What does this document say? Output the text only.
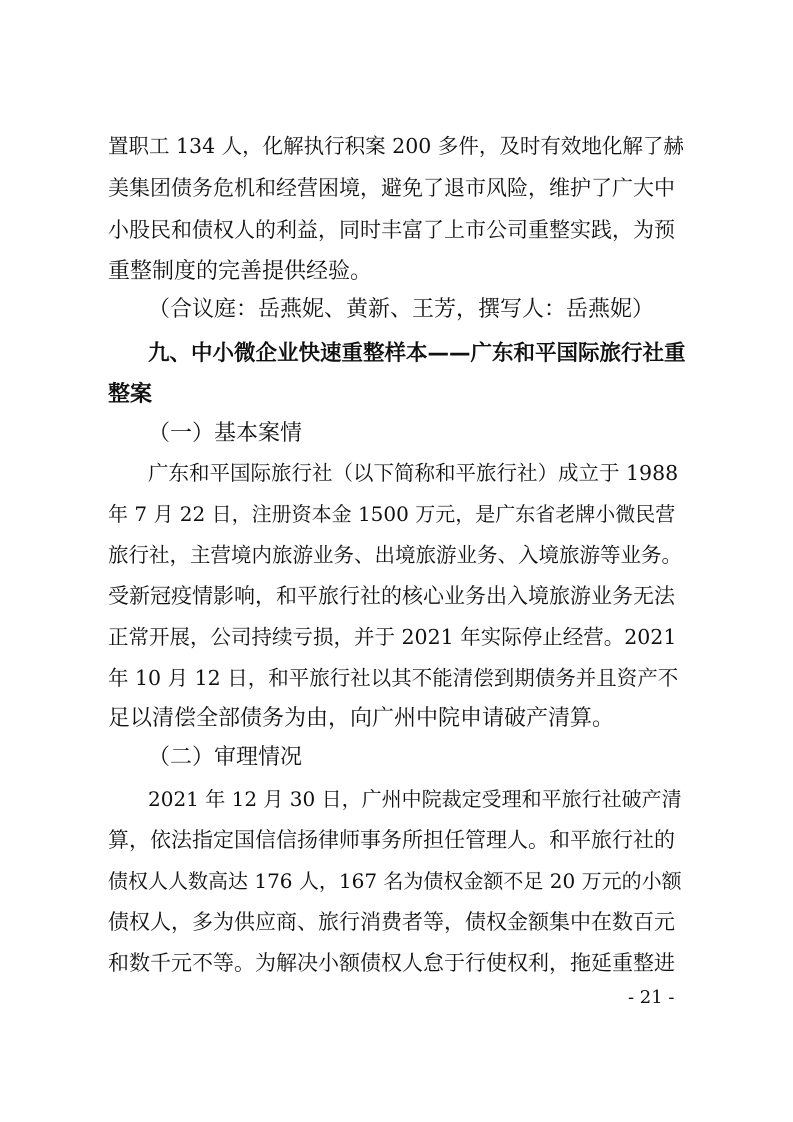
置职工 134 人，化解执行积案 200 多件，及时有效地化解了赫
美集团债务危机和经营困境，避免了退市风险，维护了广大中
小股民和债权人的利益，同时丰富了上市公司重整实践，为预
重整制度的完善提供经验。
（合议庭：岳燕妮、黄新、王芳，撰写人：岳燕妮）
九、中小微企业快速重整样本——广东和平国际旅行社重
整案
（一）基本案情
广东和平国际旅行社（以下简称和平旅行社）成立于 1988
年 7 月 22 日，注册资本金 1500 万元，是广东省老牌小微民营
旅行社，主营境内旅游业务、出境旅游业务、入境旅游等业务。
受新冠疫情影响，和平旅行社的核心业务出入境旅游业务无法
正常开展，公司持续亏损，并于 2021 年实际停止经营。2021
年 10 月 12 日，和平旅行社以其不能清偿到期债务并且资产不
足以清偿全部债务为由，向广州中院申请破产清算。
（二）审理情况
2021 年 12 月 30 日，广州中院裁定受理和平旅行社破产清
算，依法指定国信信扬律师事务所担任管理人。和平旅行社的
债权人人数高达 176 人，167 名为债权金额不足 20 万元的小额
债权人，多为供应商、旅行消费者等，债权金额集中在数百元
和数千元不等。为解决小额债权人怠于行使权利，拖延重整进
- 21 -
